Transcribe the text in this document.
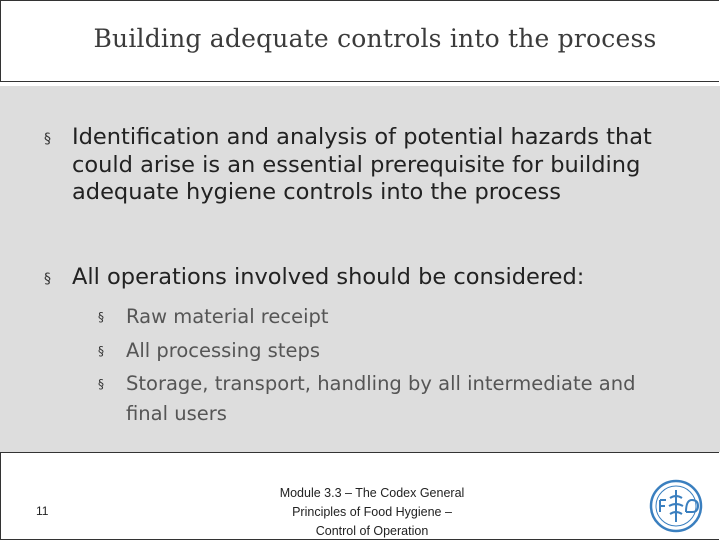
Building adequate controls into the process
§ Identification and analysis of potential hazards that could arise is an essential prerequisite for building adequate hygiene controls into the process
§ All operations involved should be considered:
§	Raw material receipt
§	All processing steps
§	Storage, transport, handling by all intermediate and final users
11
Module 3.3 – The Codex General
Principles of Food Hygiene –
Control of Operation
